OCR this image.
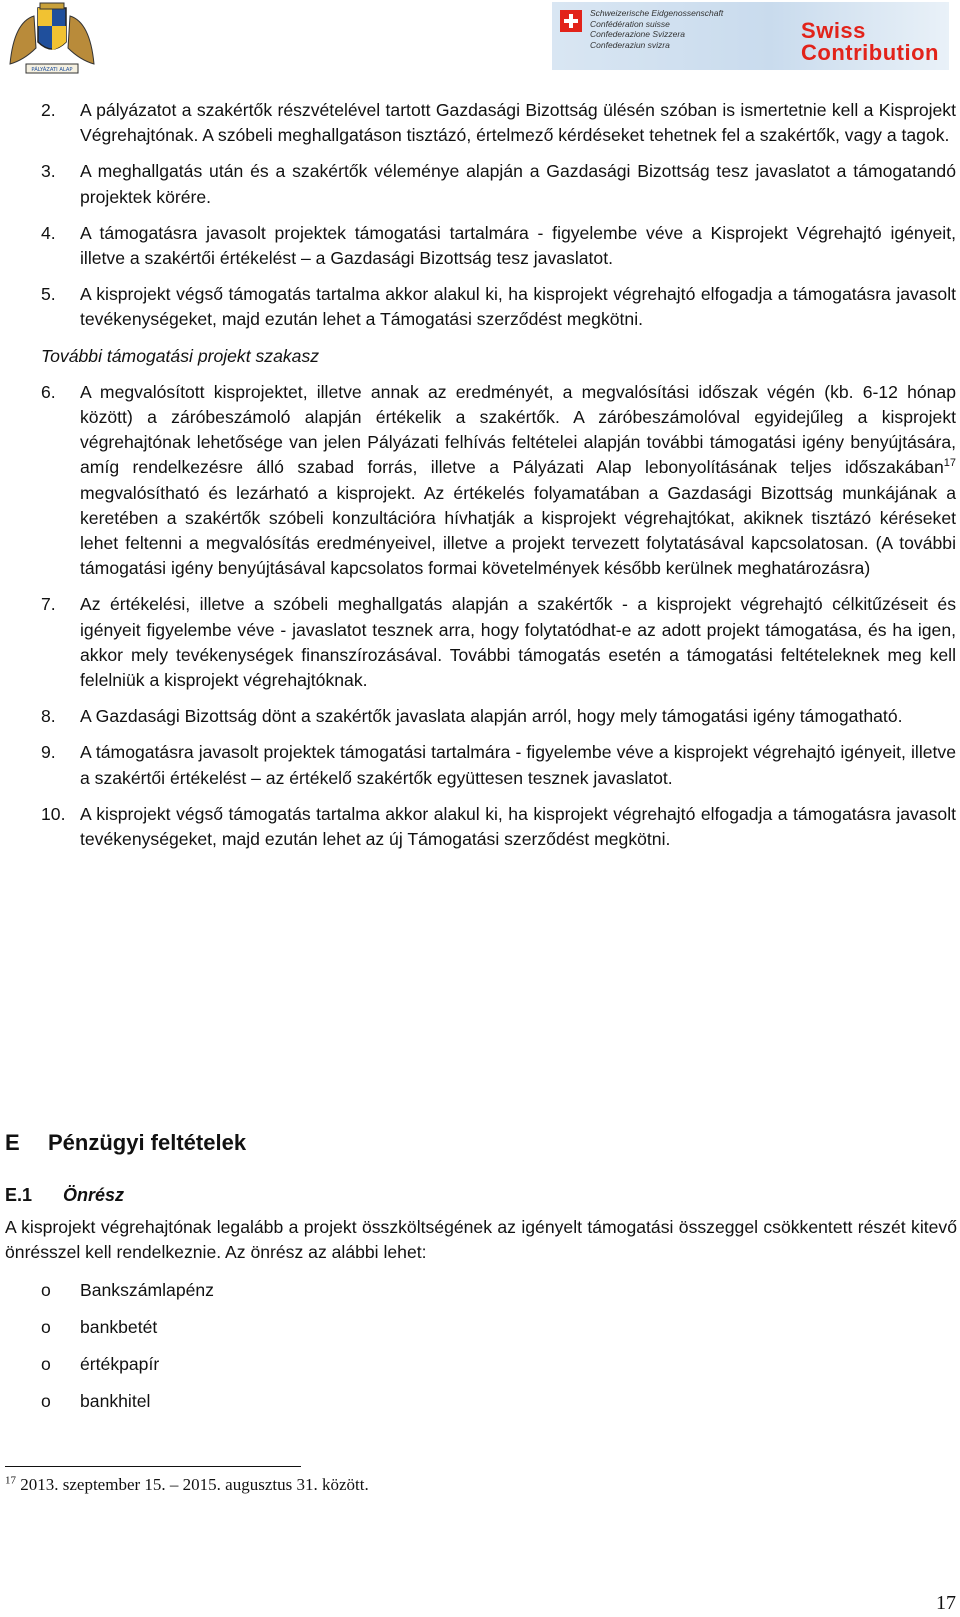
PÁLYÁZATI ALAP
Schweizerische Eidgenossenschaft
Confédération suisse
Confederazione Svizzera
Confederaziun svizra
Swiss
Contribution
2. A pályázatot a szakértők részvételével tartott Gazdasági Bizottság ülésén szóban is ismertetnie kell a Kisprojekt Végrehajtónak. A szóbeli meghallgatáson tisztázó, értelmező kérdéseket tehetnek fel a szakértők, vagy a tagok.
3. A meghallgatás után és a szakértők véleménye alapján a Gazdasági Bizottság tesz javaslatot a támogatandó projektek körére.
4. A támogatásra javasolt projektek támogatási tartalmára - figyelembe véve a Kisprojekt Végrehajtó igényeit, illetve a szakértői értékelést – a Gazdasági Bizottság tesz javaslatot.
5. A kisprojekt végső támogatás tartalma akkor alakul ki, ha kisprojekt végrehajtó elfogadja a támogatásra javasolt tevékenységeket, majd ezután lehet a Támogatási szerződést megkötni.
További támogatási projekt szakasz
6. A megvalósított kisprojektet, illetve annak az eredményét, a megvalósítási időszak végén (kb. 6-12 hónap között) a záróbeszámoló alapján értékelik a szakértők. A záróbeszámolóval egyidejűleg a kisprojekt végrehajtónak lehetősége van jelen Pályázati felhívás feltételei alapján további támogatási igény benyújtására, amíg rendelkezésre álló szabad forrás, illetve a Pályázati Alap lebonyolításának teljes időszakában$^{17}$ megvalósítható és lezárható a kisprojekt. Az értékelés folyamatában a Gazdasági Bizottság munkájának a keretében a szakértők szóbeli konzultációra hívhatják a kisprojekt végrehajtókat, akiknek tisztázó kéréseket lehet feltenni a megvalósítás eredményeivel, illetve a projekt tervezett folytatásával kapcsolatosan. (A további támogatási igény benyújtásával kapcsolatos formai követelmények később kerülnek meghatározásra)
7. Az értékelési, illetve a szóbeli meghallgatás alapján a szakértők - a kisprojekt végrehajtó célkitűzéseit és igényeit figyelembe véve - javaslatot tesznek arra, hogy folytatódhat-e az adott projekt támogatása, és ha igen, akkor mely tevékenységek finanszírozásával. További támogatás esetén a támogatási feltételeknek meg kell felelniük a kisprojekt végrehajtóknak.
8. A Gazdasági Bizottság dönt a szakértők javaslata alapján arról, hogy mely támogatási igény támogatható.
9. A támogatásra javasolt projektek támogatási tartalmára - figyelembe véve a kisprojekt végrehajtó igényeit, illetve a szakértői értékelést – az értékelő szakértők együttesen tesznek javaslatot.
10. A kisprojekt végső támogatás tartalma akkor alakul ki, ha kisprojekt végrehajtó elfogadja a támogatásra javasolt tevékenységeket, majd ezután lehet az új Támogatási szerződést megkötni.
E Pénzügyi feltételek
E.1 Önrész
A kisprojekt végrehajtónak legalább a projekt összköltségének az igényelt támogatási összeggel csökkentett részét kitevő önrésszel kell rendelkeznie. Az önrész az alábbi lehet:
o Bankszámlapénz
o bankbetét
o értékpapír
o bankhitel
$^{17}$ 2013. szeptember 15. – 2015. augusztus 31. között.
17
